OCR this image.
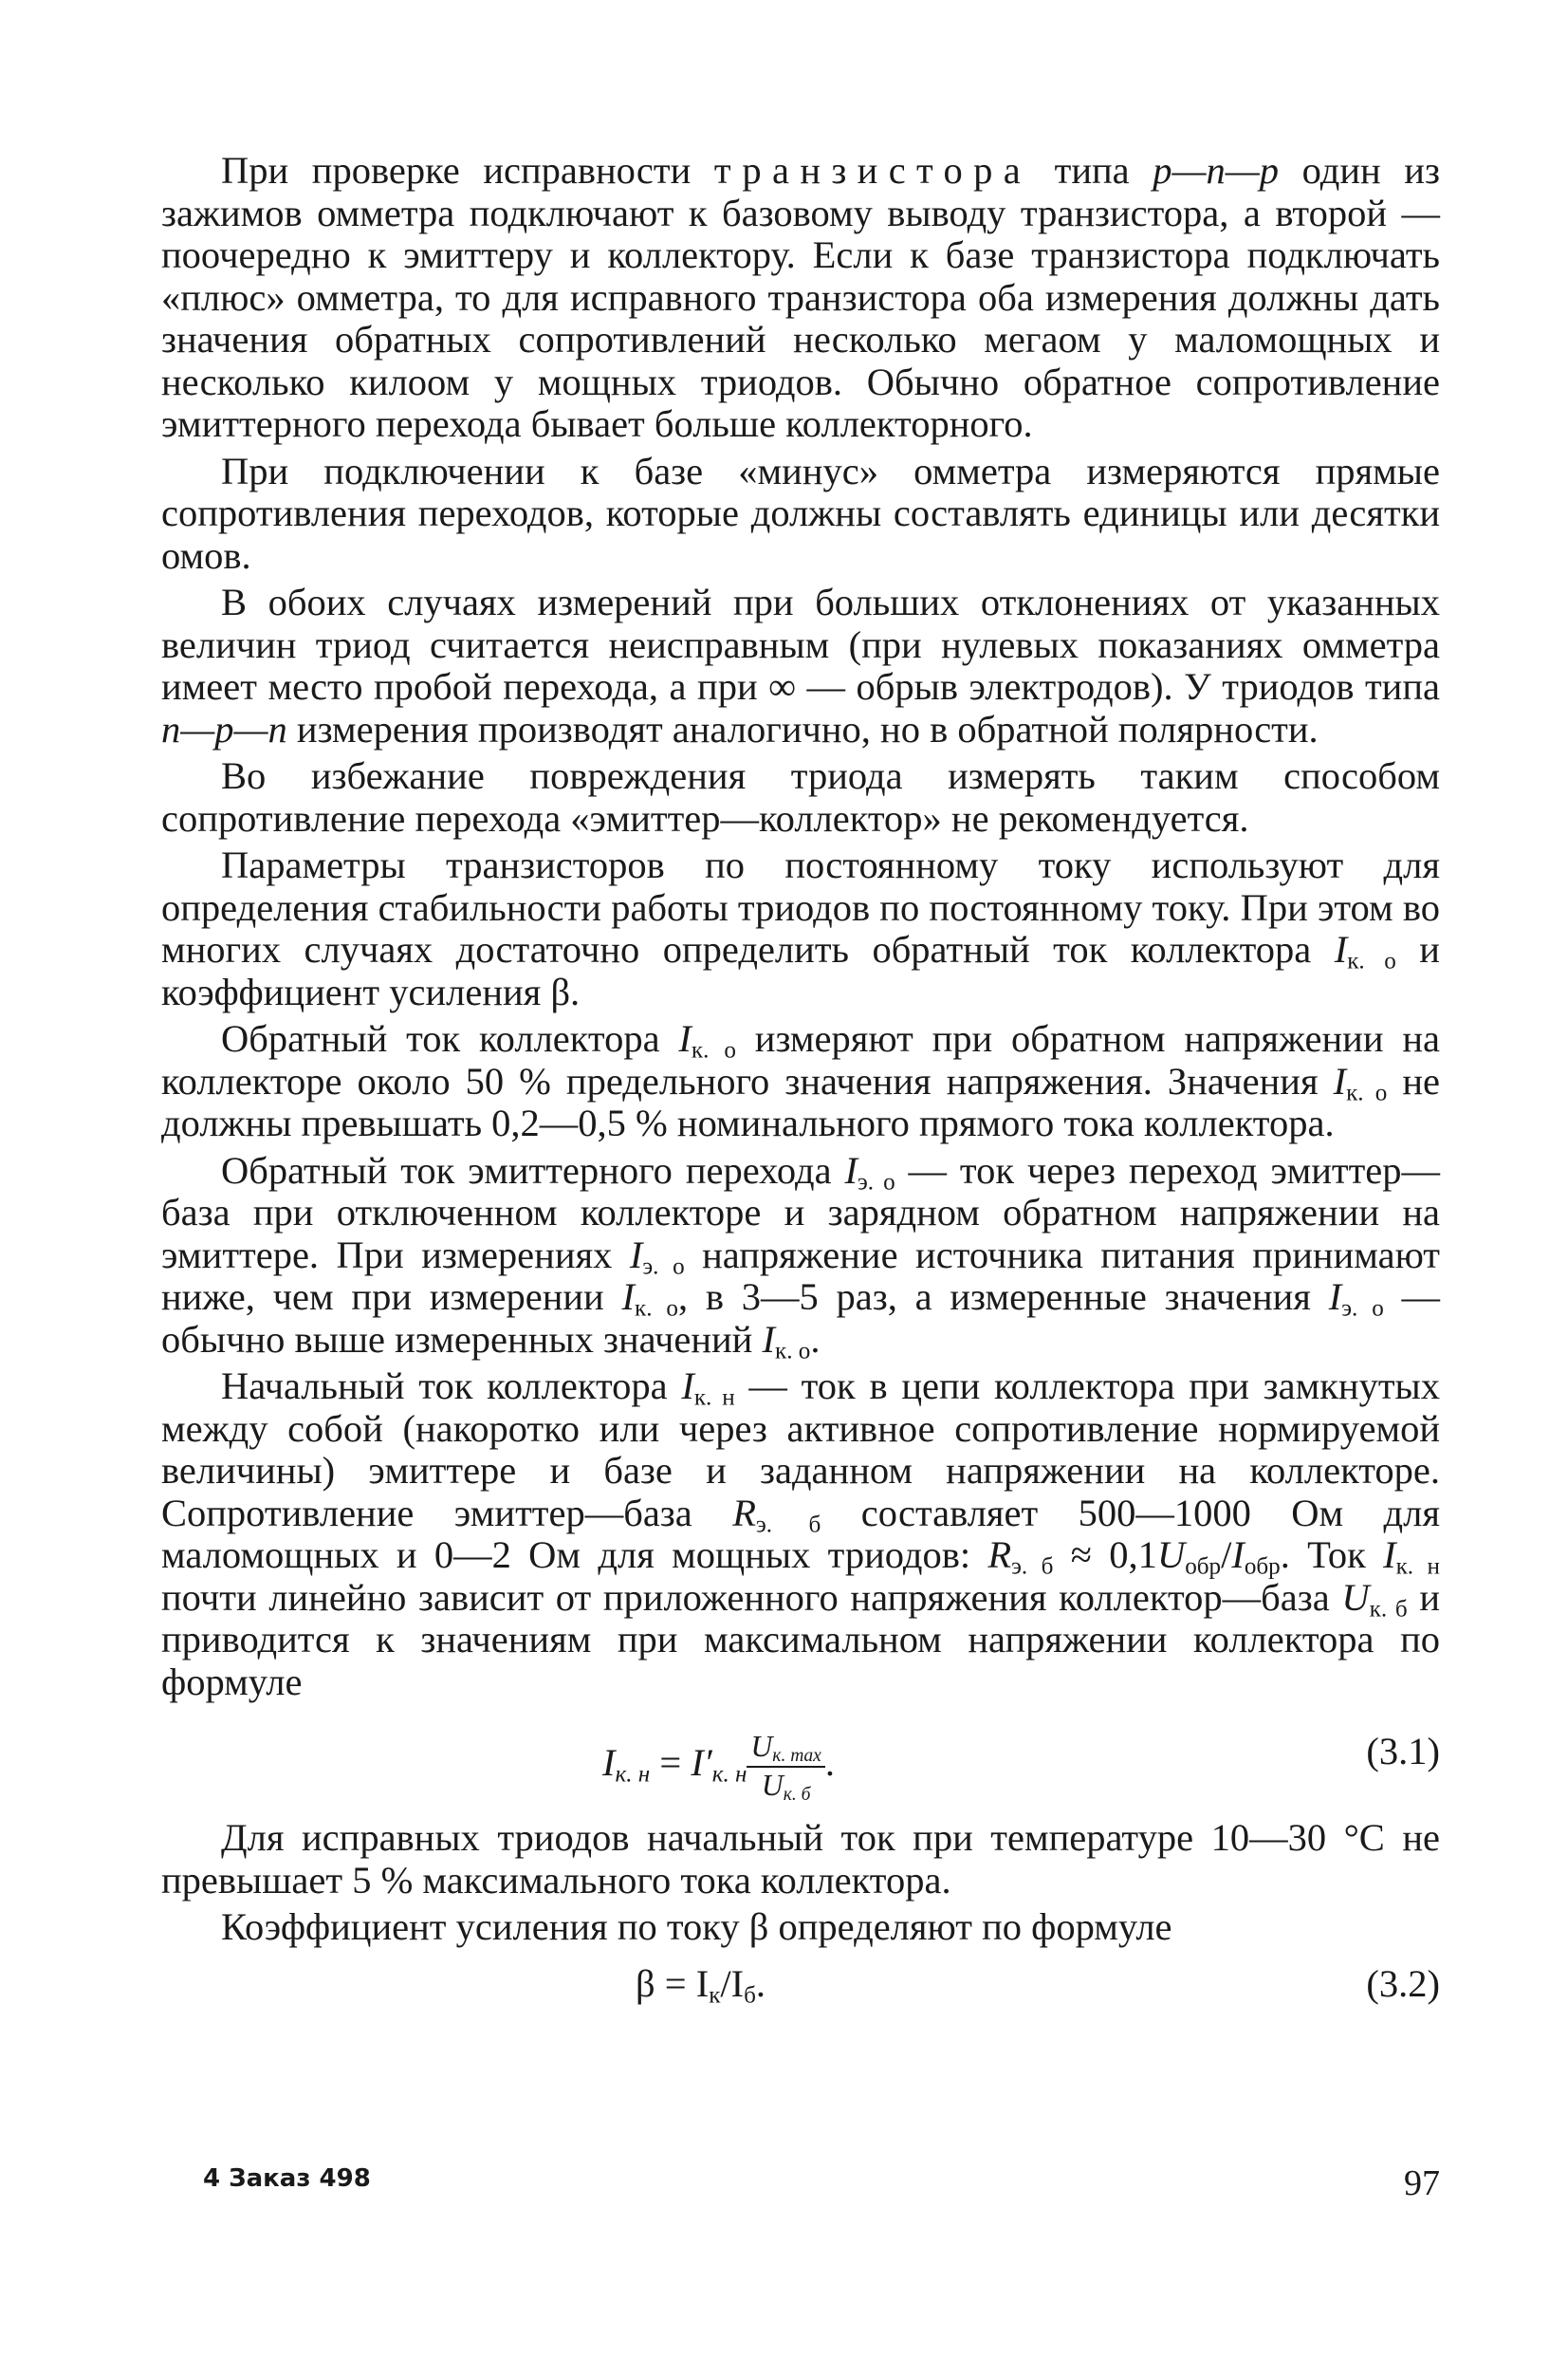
При проверке исправности транзистора типа p—n—p один из зажимов омметра подключают к базовому выводу транзистора, а второй — поочередно к эмиттеру и коллектору. Если к базе транзистора подключать «плюс» омметра, то для исправного транзистора оба измерения должны дать значения обратных сопротивлений несколько мегаом у маломощных и несколько килоом у мощных триодов. Обычно обратное сопротивление эмиттерного перехода бывает больше коллекторного.

При подключении к базе «минус» омметра измеряются прямые сопротивления переходов, которые должны составлять единицы или десятки омов.

В обоих случаях измерений при больших отклонениях от указанных величин триод считается неисправным (при нулевых показаниях омметра имеет место пробой перехода, а при ∞ — обрыв электродов). У триодов типа n—p—n измерения производят аналогично, но в обратной полярности.

Во избежание повреждения триода измерять таким способом сопротивление перехода «эмиттер—коллектор» не рекомендуется.

Параметры транзисторов по постоянному току используют для определения стабильности работы триодов по постоянному току. При этом во многих случаях достаточно определить обратный ток коллектора $I_{к. о}$ и коэффициент усиления β.

Обратный ток коллектора $I_{к. о}$ измеряют при обратном напряжении на коллекторе около 50 % предельного значения напряжения. Значения $I_{к. о}$ не должны превышать 0,2—0,5 % номинального прямого тока коллектора.

Обратный ток эмиттерного перехода $I_{э. о}$ — ток через переход эмиттер—база при отключенном коллекторе и зарядном обратном напряжении на эмиттере. При измерениях $I_{э. о}$ напряжение источника питания принимают ниже, чем при измерении $I_{к. о}$, в 3—5 раз, а измеренные значения $I_{э. о}$ — обычно выше измеренных значений $I_{к. о}$.

Начальный ток коллектора $I_{к. н}$ — ток в цепи коллектора при замкнутых между собой (накоротко или через активное сопротивление нормируемой величины) эмиттере и базе и заданном напряжении на коллекторе. Сопротивление эмиттер—база $R_{э. б}$ составляет 500—1000 Ом для маломощных и 0—2 Ом для мощных триодов: $R_{э. б} \approx 0,1U_{обр}/I_{обр}$. Ток $I_{к. н}$ почти линейно зависит от приложенного напряжения коллектор—база $U_{к. б}$ и приводится к значениям при максимальном напряжении коллектора по формуле

$I_{к. н} = I'_{к. н} \frac{U_{к. max}}{U_{к. б}}$ .	(3.1)

Для исправных триодов начальный ток при температуре 10—30 °C не превышает 5 % максимального тока коллектора.

Коэффициент усиления по току β определяют по формуле

$\beta = I_к/I_б$.	(3.2)
4 Заказ 498	97
